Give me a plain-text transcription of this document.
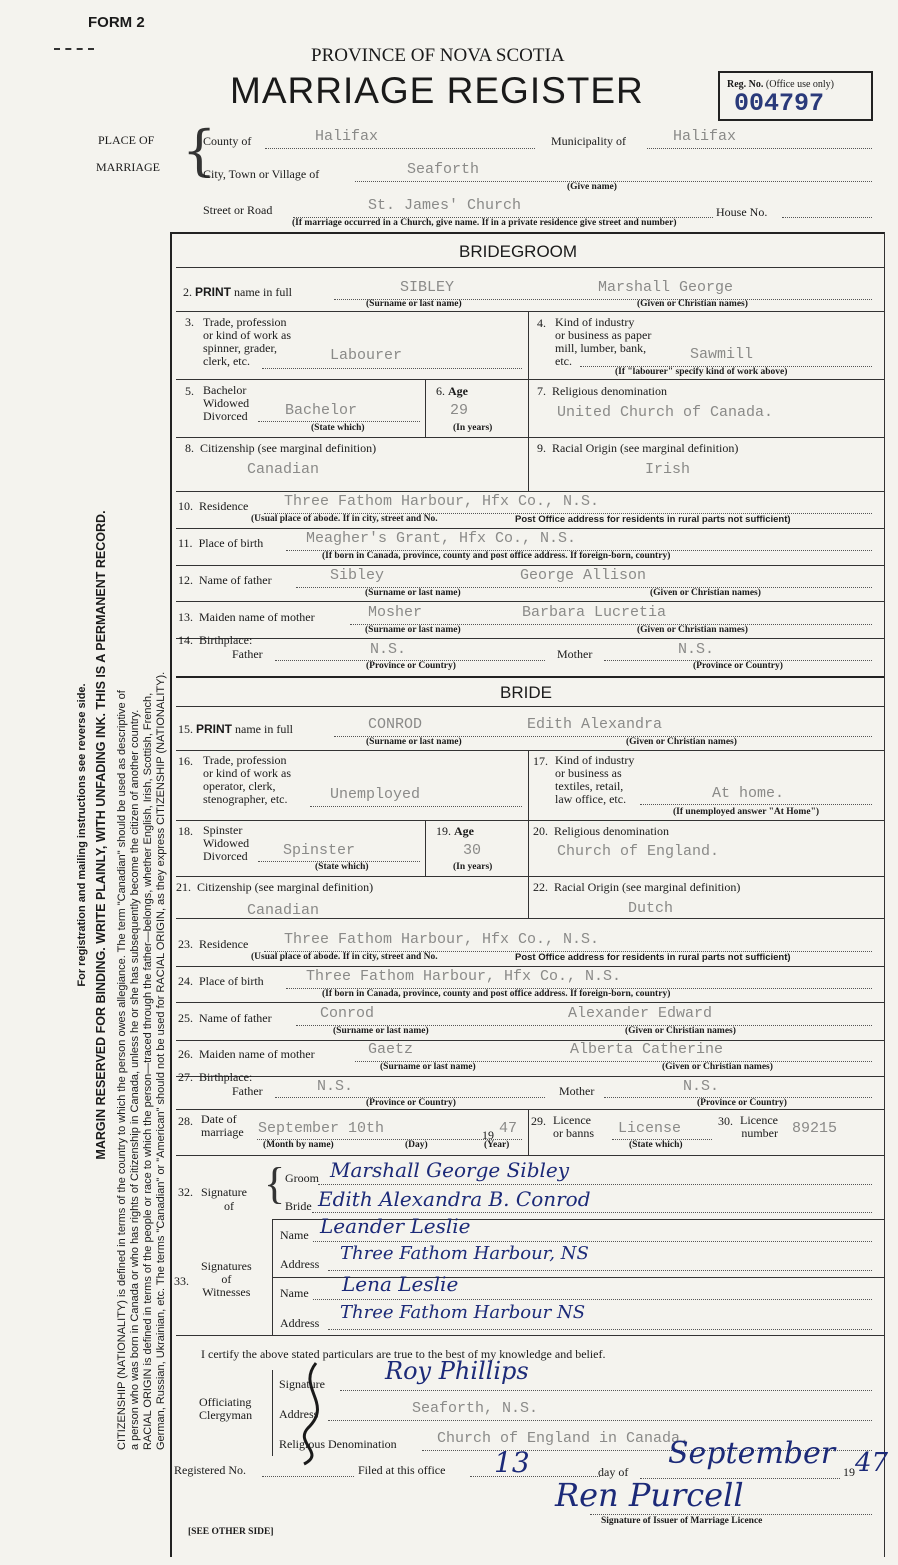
FORM 2
PROVINCE OF NOVA SCOTIA
MARRIAGE REGISTER	Reg. No. (Office use only)
004797
For registration and mailing instructions see reverse side. MARGIN RESERVED FOR BINDING. WRITE PLAINLY, WITH UNFADING INK. THIS IS A PERMANENT RECORD. CITIZENSHIP (NATIONALITY) is defined in terms of the country to which the person owes allegiance. The term "Canadian" should be used as descriptive of a person who was born in Canada or who has rights of Citizenship in Canada, unless he or she has subsequently become the citizen of another country. RACIAL ORIGIN is defined in terms of the people or race to which the person—traced through the father—belongs, whether English, Irish, Scottish, French, German, Russian, Ukrainian, etc. The terms "Canadian" or "American" should not be used for RACIAL ORIGIN, as they express CITIZENSHIP (NATIONALITY).
PLACE OF
MARRIAGE {
County of	Halifax	Municipality of	Halifax
City, Town or Village of	Seaforth
(Give name)
Street or Road	St. James' Church	House No.
(If marriage occurred in a Church, give name. If in a private residence give street and number)
BRIDEGROOM
2. PRINT name in full	SIBLEY	Marshall George
(Surname or last name)	(Given or Christian names)
3. Trade, profession
or kind of work as
spinner, grader,
clerk, etc.	Labourer
4. Kind of industry
or business as paper
mill, lumber, bank,
etc.	Sawmill
(If "labourer" specify kind of work above)
5. Bachelor
Widowed
Divorced Bachelor
(State which)
6. Age
29
(In years)
7. Religious denomination
United Church of Canada.
8. Citizenship (see marginal definition)
Canadian
9. Racial Origin (see marginal definition)
Irish
10. Residence Three Fathom Harbour, Hfx Co., N.S.
(Usual place of abode. If in city, street and No.	Post Office address for residents in rural parts not sufficient)
11. Place of birth	Meagher's Grant, Hfx Co., N.S.
(If born in Canada, province, county and post office address. If foreign-born, country)
12. Name of father	Sibley	George Allison
(Surname or last name)	(Given or Christian names)
13. Maiden name of mother	Mosher	Barbara Lucretia
(Surname or last name)	(Given or Christian names)
14. Birthplace:
Father	N.S.	Mother	N.S.
(Province or Country)	(Province or Country)
BRIDE
15. PRINT name in full	CONROD	Edith Alexandra
(Surname or last name)	(Given or Christian names)
16. Trade, profession
or kind of work as
operator, clerk,
stenographer, etc.	Unemployed
17. Kind of industry
or business as
textiles, retail,
law office, etc.	At home.
(If unemployed answer "At Home")
18. Spinster
Widowed
Divorced Spinster
(State which)
19. Age
30
(In years)
20. Religious denomination
Church of England.
21. Citizenship (see marginal definition)
Canadian
22. Racial Origin (see marginal definition)
Dutch
23. Residence Three Fathom Harbour, Hfx Co., N.S.
(Usual place of abode. If in city, street and No.	Post Office address for residents in rural parts not sufficient)
24. Place of birth	Three Fathom Harbour, Hfx Co., N.S.
(If born in Canada, province, county and post office address. If foreign-born, country)
25. Name of father	Conrod	Alexander Edward
(Surname or last name)	(Given or Christian names)
26. Maiden name of mother	Gaetz	Alberta Catherine
(Surname or last name)	(Given or Christian names)
27. Birthplace:
Father	N.S.	Mother	N.S.
(Province or Country)	(Province or Country)
28. Date of
marriage September 10th	19 47
(Month by name)	(Day)	(Year)
29. Licence
or banns License
(State which)
30. Licence
number 89215
32. Signature
of { Groom Marshall George Sibley
Bride Edith Alexandra B. Conrod
33.
Signatures
of
Witnesses
Name Leander Leslie
Address Three Fathom Harbour, NS
Name Lena Leslie
Address Three Fathom Harbour NS
I certify the above stated particulars are true to the best of my knowledge and belief.
Officiating
Clergyman
Signature	Roy Phillips
Address	Seaforth, N.S.
Religious Denomination	Church of England in Canada.
Registered No.	Filed at this office 13	day of
September
19 47
Ren Purcell
Signature of Issuer of Marriage Licence
[SEE OTHER SIDE]
